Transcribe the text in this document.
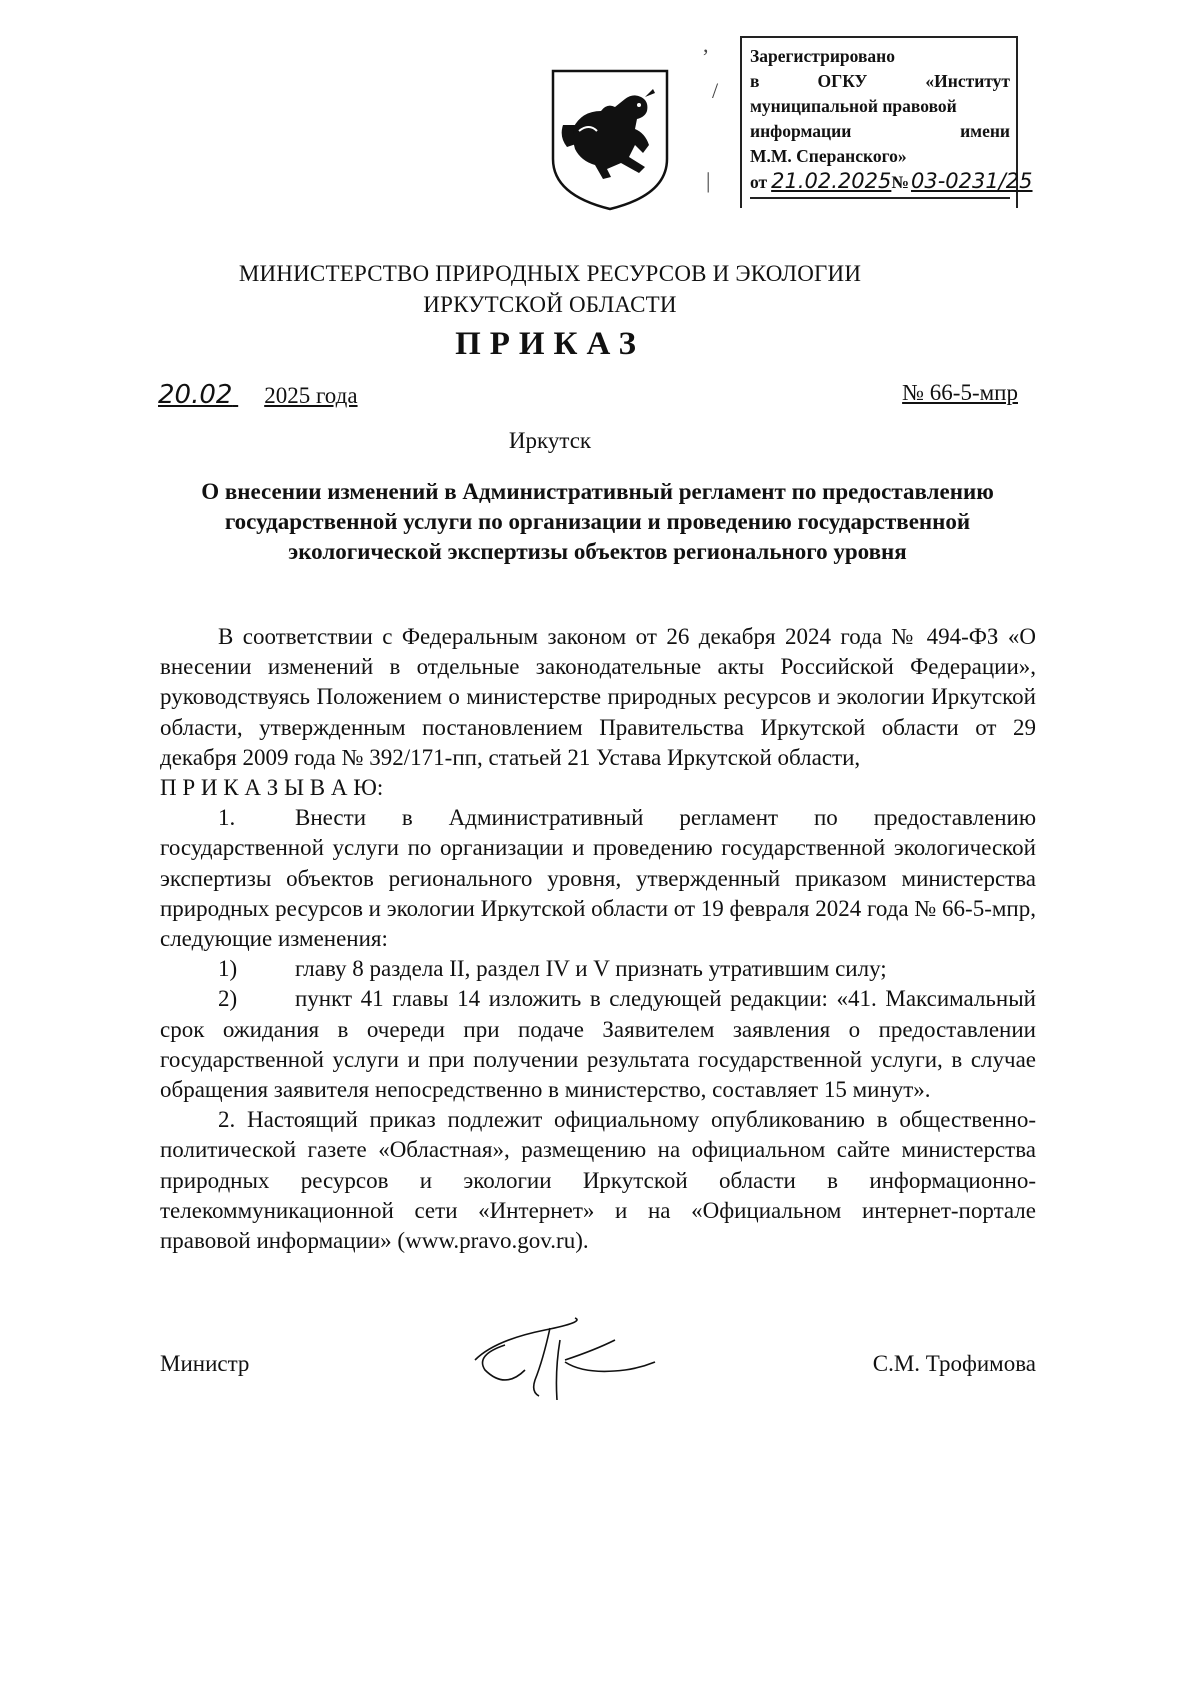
Зарегистрировано
в	ОГКУ	«Институт
муниципальной правовой
информации	имени
М.М. Сперанского»
от 21.02.2025 № 03-0231/25
,
/
|
МИНИСТЕРСТВО ПРИРОДНЫХ РЕСУРСОВ И ЭКОЛОГИИ
ИРКУТСКОЙ ОБЛАСТИ
ПРИКАЗ
20.02 2025 года	№ 66-5-мпр
Иркутск
О внесении изменений в Административный регламент по предоставлению государственной услуги по организации и проведению государственной экологической экспертизы объектов регионального уровня

В соответствии с Федеральным законом от 26 декабря 2024 года № 494-ФЗ «О внесении изменений в отдельные законодательные акты Российской Федерации», руководствуясь Положением о министерстве природных ресурсов и экологии Иркутской области, утвержденным постановлением Правительства Иркутской области от 29 декабря 2009 года № 392/171-пп, статьей 21 Устава Иркутской области,

П Р И К А З Ы В А Ю:

1.	Внести в Административный регламент по предоставлению государственной услуги по организации и проведению государственной экологической экспертизы объектов регионального уровня, утвержденный приказом министерства природных ресурсов и экологии Иркутской области от 19 февраля 2024 года № 66-5-мпр, следующие изменения:

1)	главу 8 раздела II, раздел IV и V признать утратившим силу;
2)	пункт 41 главы 14 изложить в следующей редакции: «41. Максимальный срок ожидания в очереди при подаче Заявителем заявления о предоставлении государственной услуги и при получении результата государственной услуги, в случае обращения заявителя непосредственно в министерство, составляет 15 минут».

2. Настоящий приказ подлежит официальному опубликованию в общественно-политической газете «Областная», размещению на официальном сайте министерства природных ресурсов и экологии Иркутской области в информационно-телекоммуникационной сети «Интернет» и на «Официальном интернет-портале правовой информации» (www.pravo.gov.ru).

Министр	С.М. Трофимова
